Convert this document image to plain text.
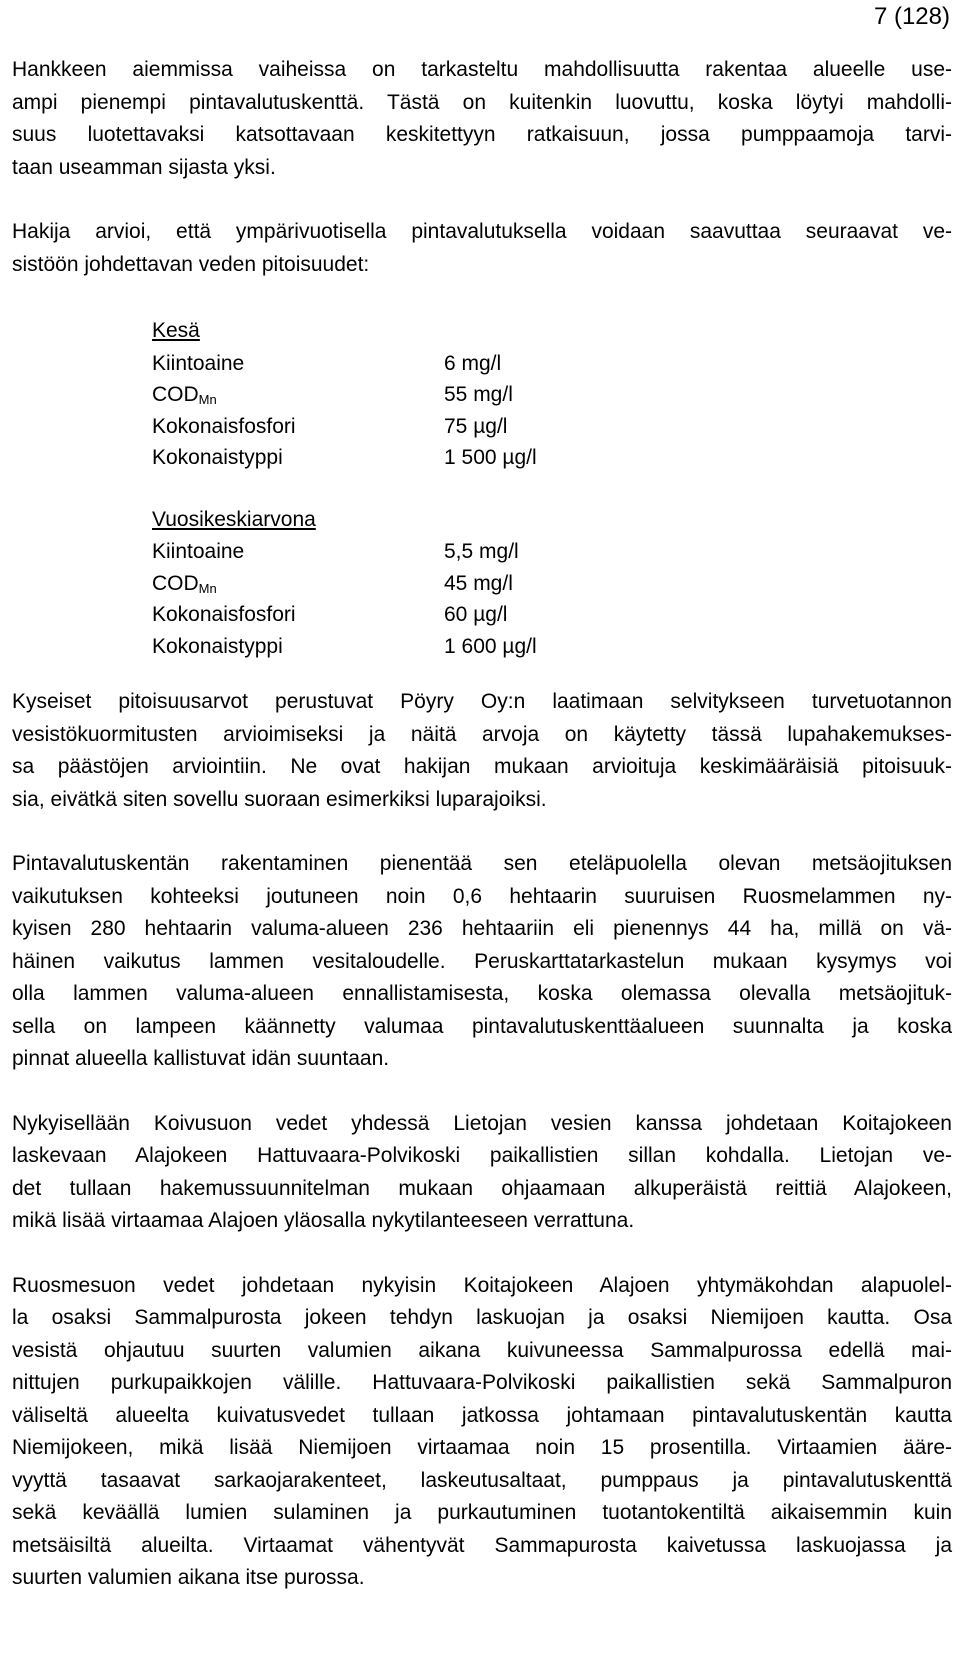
7 (128)

Hankkeen aiemmissa vaiheissa on tarkasteltu mahdollisuutta rakentaa alueelle use-
ampi pienempi pintavalutuskenttä. Tästä on kuitenkin luovuttu, koska löytyi mahdolli-
suus luotettavaksi katsottavaan keskitettyyn ratkaisuun, jossa pumppaamoja tarvi-
taan useamman sijasta yksi.

Hakija arvioi, että ympärivuotisella pintavalutuksella voidaan saavuttaa seuraavat ve-
sistöön johdettavan veden pitoisuudet:

Kesä
Kiintoaine	6 mg/l
$COD_{Mn}$	55 mg/l
Kokonaisfosfori	75 µg/l
Kokonaistyppi	1 500 µg/l
Vuosikeskiarvona
Kiintoaine	5,5 mg/l
$COD_{Mn}$	45 mg/l
Kokonaisfosfori	60 µg/l
Kokonaistyppi	1 600 µg/l

Kyseiset pitoisuusarvot perustuvat Pöyry Oy:n laatimaan selvitykseen turvetuotannon
vesistökuormitusten arvioimiseksi ja näitä arvoja on käytetty tässä lupahakemukses-
sa päästöjen arviointiin. Ne ovat hakijan mukaan arvioituja keskimääräisiä pitoisuuk-
sia, eivätkä siten sovellu suoraan esimerkiksi luparajoiksi.

Pintavalutuskentän rakentaminen pienentää sen eteläpuolella olevan metsäojituksen
vaikutuksen kohteeksi joutuneen noin 0,6 hehtaarin suuruisen Ruosmelammen ny-
kyisen 280 hehtaarin valuma-alueen 236 hehtaariin eli pienennys 44 ha, millä on vä-
häinen vaikutus lammen vesitaloudelle. Peruskarttatarkastelun mukaan kysymys voi
olla lammen valuma-alueen ennallistamisesta, koska olemassa olevalla metsäojituk-
sella on lampeen käännetty valumaa pintavalutuskenttäalueen suunnalta ja koska
pinnat alueella kallistuvat idän suuntaan.

Nykyisellään Koivusuon vedet yhdessä Lietojan vesien kanssa johdetaan Koitajokeen
laskevaan Alajokeen Hattuvaara-Polvikoski paikallistien sillan kohdalla. Lietojan ve-
det tullaan hakemussuunnitelman mukaan ohjaamaan alkuperäistä reittiä Alajokeen,
mikä lisää virtaamaa Alajoen yläosalla nykytilanteeseen verrattuna.

Ruosmesuon vedet johdetaan nykyisin Koitajokeen Alajoen yhtymäkohdan alapuolel-
la osaksi Sammalpurosta jokeen tehdyn laskuojan ja osaksi Niemijoen kautta. Osa
vesistä ohjautuu suurten valumien aikana kuivuneessa Sammalpurossa edellä mai-
nittujen purkupaikkojen välille. Hattuvaara-Polvikoski paikallistien sekä Sammalpuron
väliseltä alueelta kuivatusvedet tullaan jatkossa johtamaan pintavalutuskentän kautta
Niemijokeen, mikä lisää Niemijoen virtaamaa noin 15 prosentilla. Virtaamien ääre-
vyyttä tasaavat sarkaojarakenteet, laskeutusaltaat, pumppaus ja pintavalutuskenttä
sekä keväällä lumien sulaminen ja purkautuminen tuotantokentiltä aikaisemmin kuin
metsäisiltä alueilta. Virtaamat vähentyvät Sammapurosta kaivetussa laskuojassa ja
suurten valumien aikana itse purossa.
